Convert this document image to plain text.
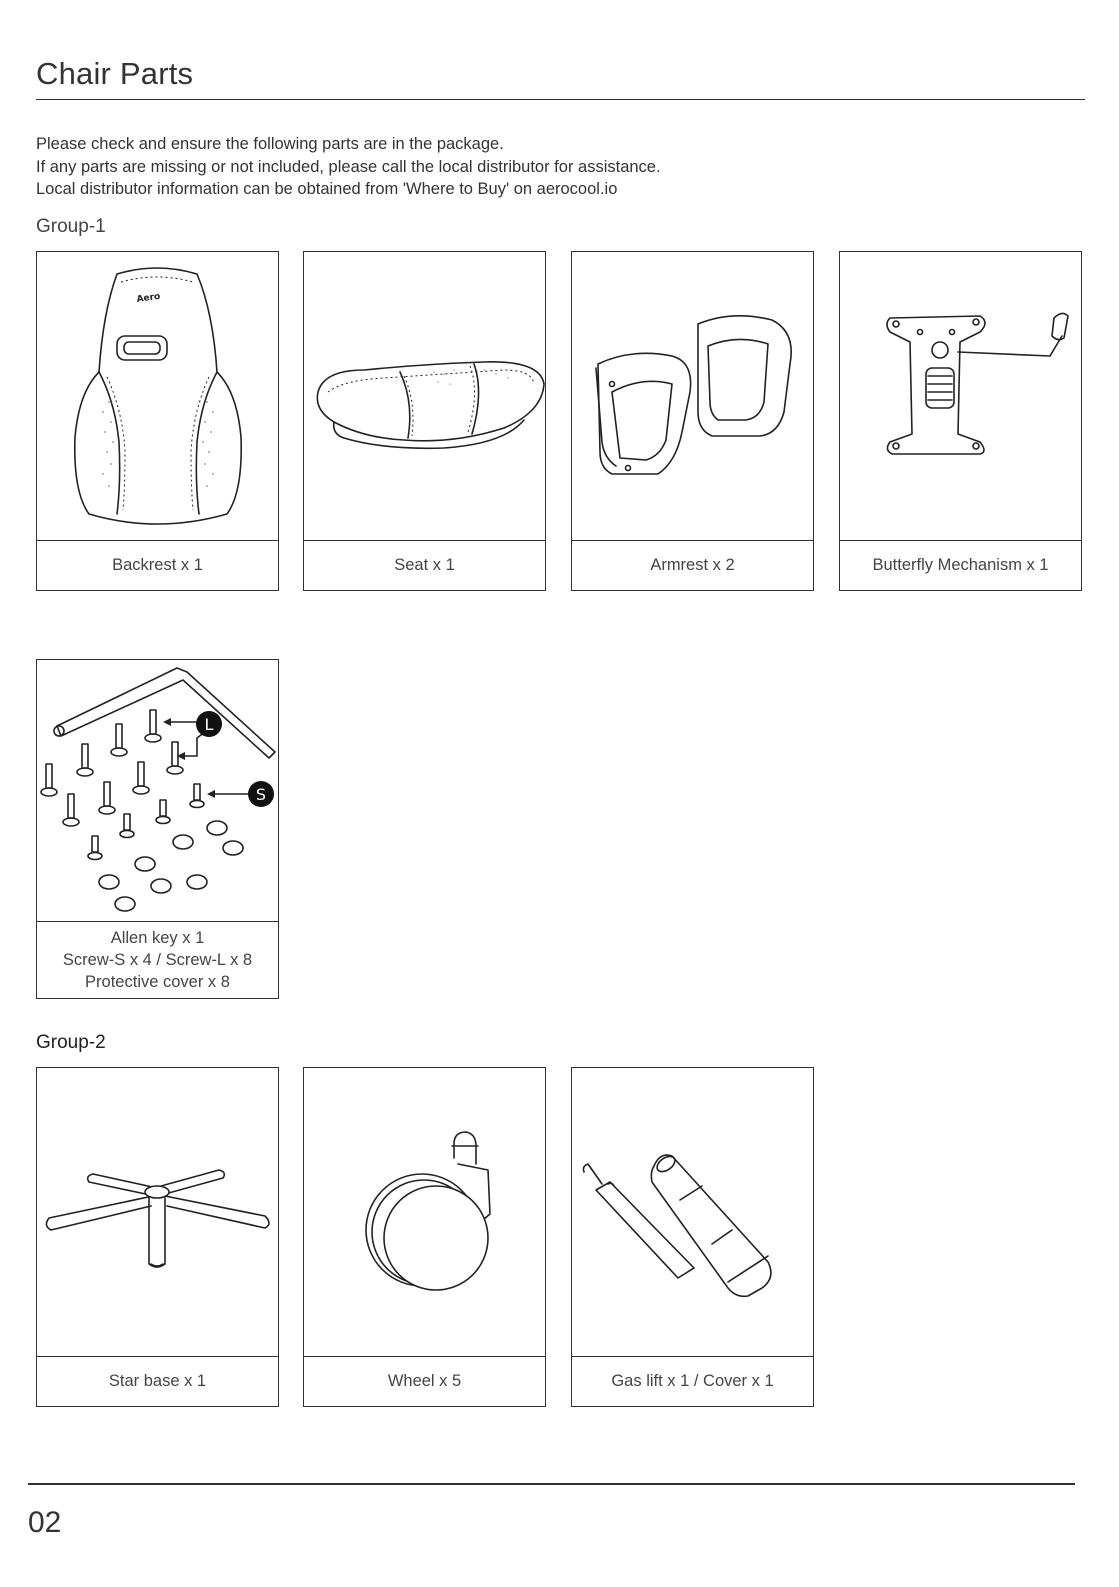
Chair Parts
Please check and ensure the following parts are in the package.
If any parts are missing or not included, please call the local distributor for assistance.
Local distributor information can be obtained from 'Where to Buy' on aerocool.io
Group-1
Aero
Backrest x 1	Seat x 1	Armrest x 2	Butterfly Mechanism x 1
L
S
Allen key x 1
Screw-S x 4 / Screw-L x 8
Protective cover x 8
Group-2
Star base x 1	Wheel x 5	Gas lift x 1 / Cover x 1
02
